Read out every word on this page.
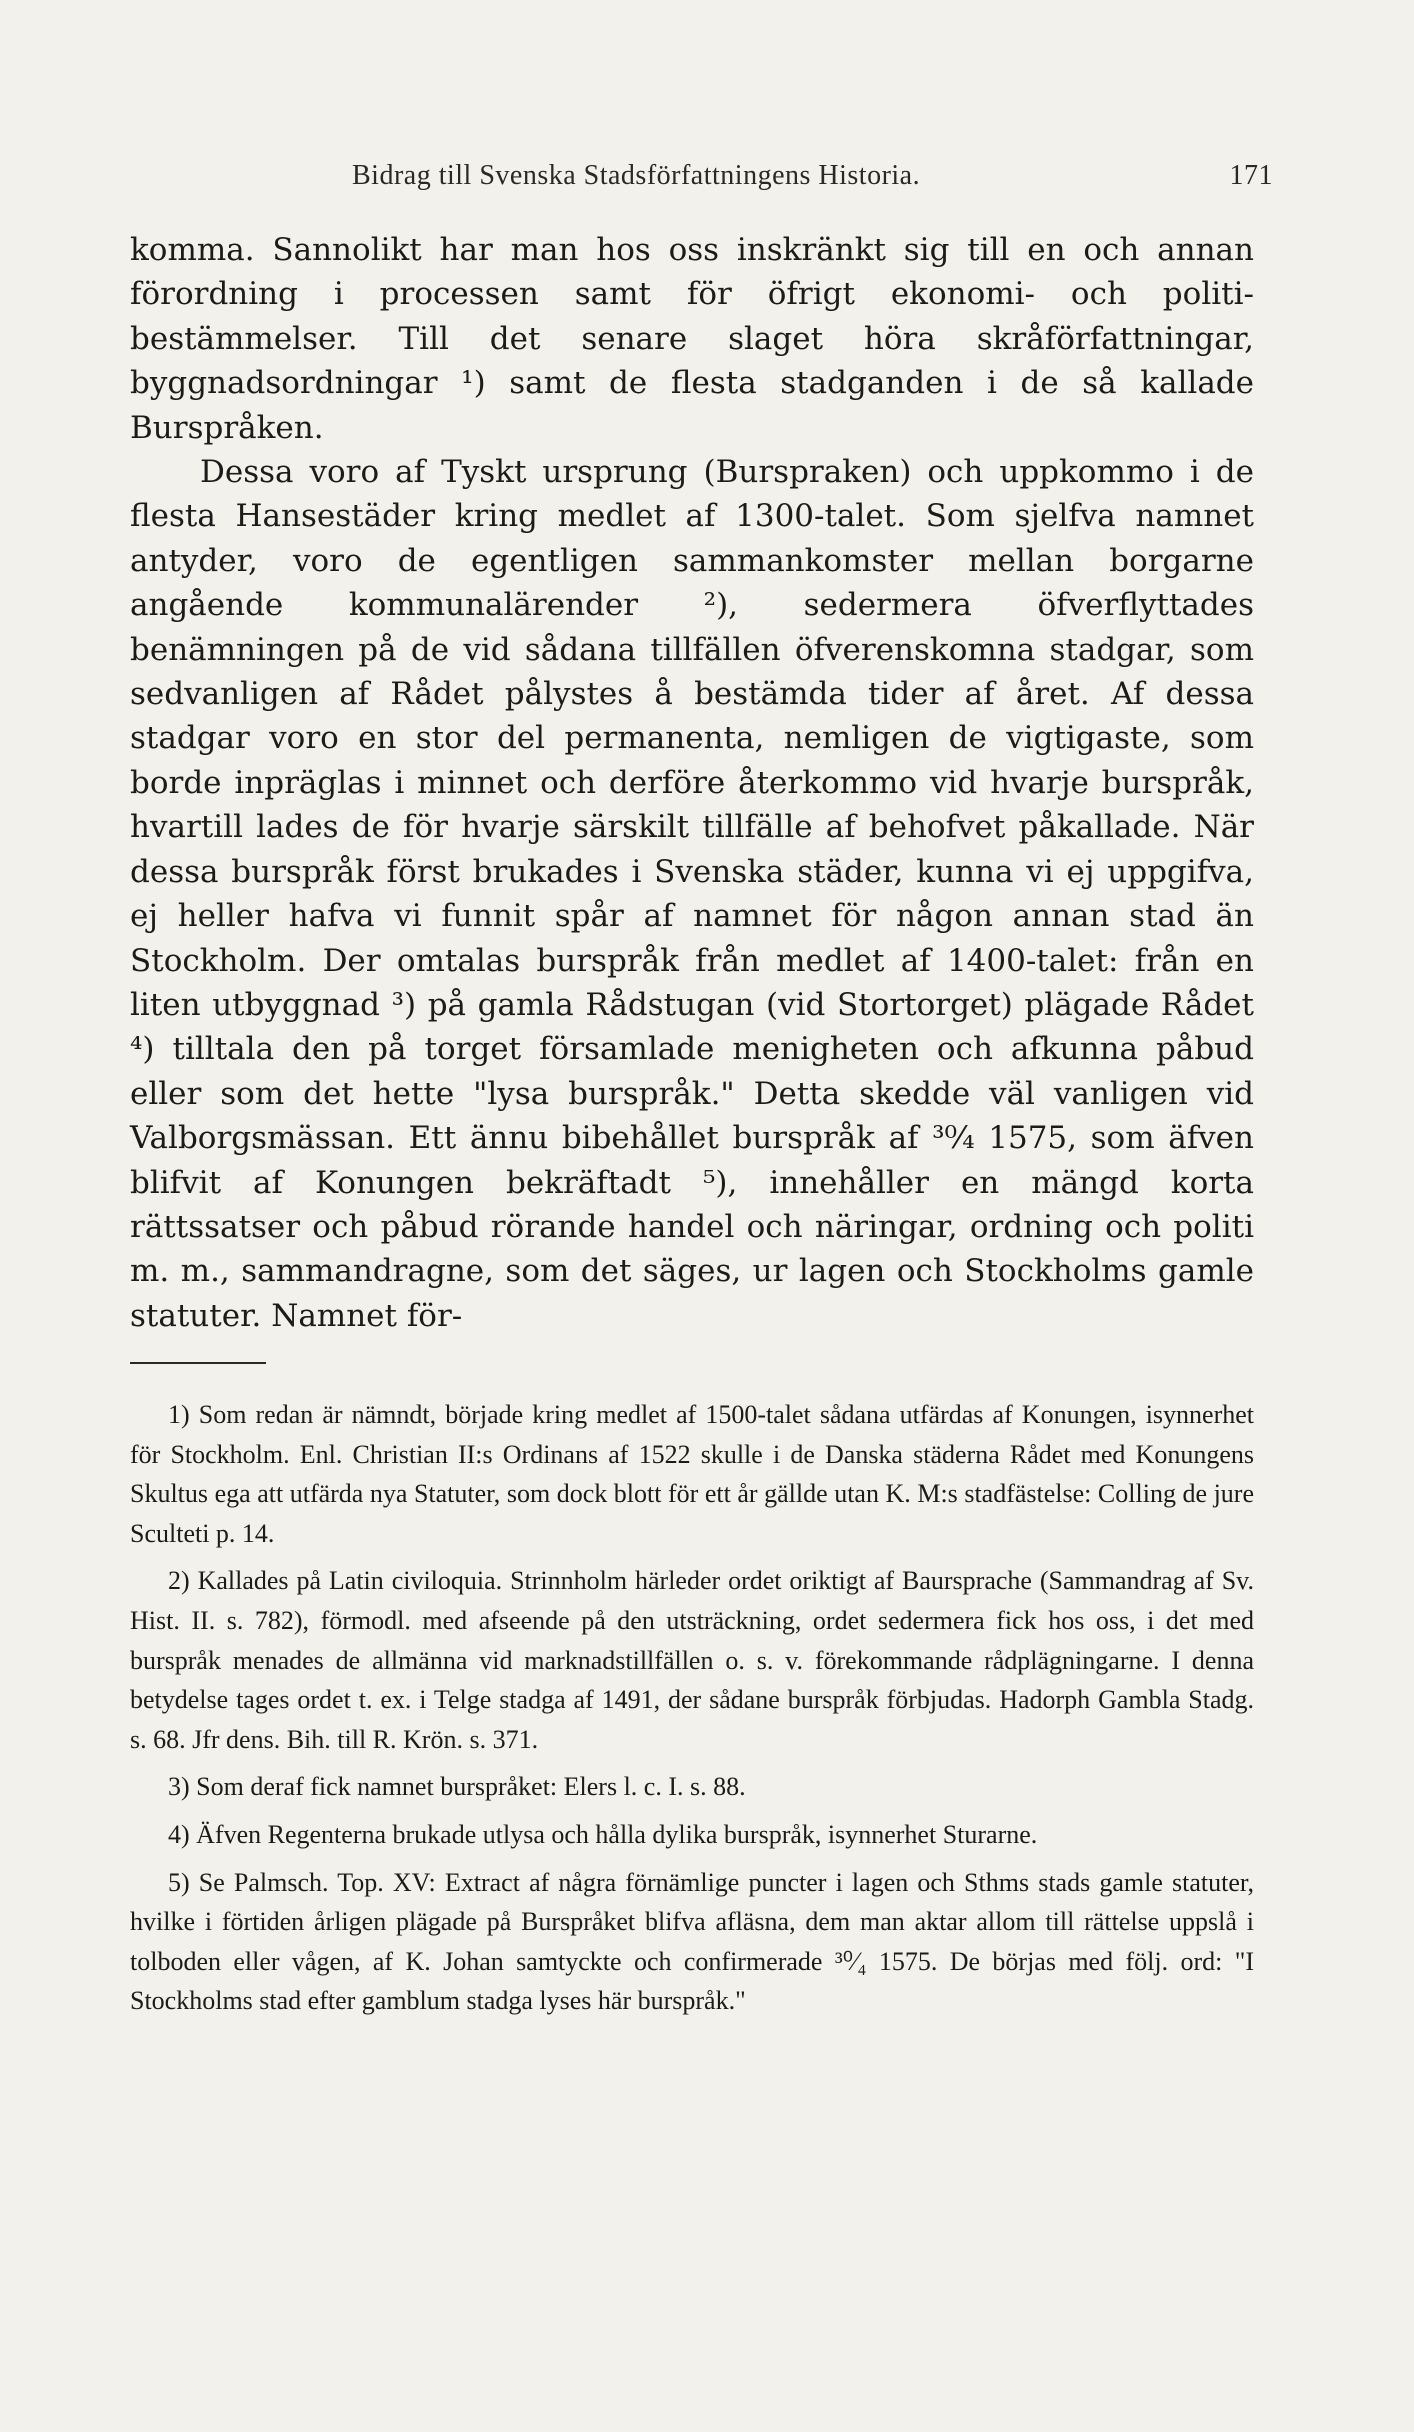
Bidrag till Svenska Stadsförfattningens Historia.	171

komma. Sannolikt har man hos oss inskränkt sig till en och annan förordning i processen samt för öfrigt ekonomi- och politi-bestämmelser. Till det senare slaget höra skråförfattningar, byggnadsordningar ¹) samt de flesta stadganden i de så kallade Burspråken.

Dessa voro af Tyskt ursprung (Burspraken) och uppkommo i de flesta Hansestäder kring medlet af 1300-talet. Som sjelfva namnet antyder, voro de egentligen sammankomster mellan borgarne angående kommunalärender ²), sedermera öfverflyttades benämningen på de vid sådana tillfällen öfverenskomna stadgar, som sedvanligen af Rådet pålystes å bestämda tider af året. Af dessa stadgar voro en stor del permanenta, nemligen de vigtigaste, som borde inpräglas i minnet och derföre återkommo vid hvarje burspråk, hvartill lades de för hvarje särskilt tillfälle af behofvet påkallade. När dessa burspråk först brukades i Svenska städer, kunna vi ej uppgifva, ej heller hafva vi funnit spår af namnet för någon annan stad än Stockholm. Der omtalas burspråk från medlet af 1400-talet: från en liten utbyggnad ³) på gamla Rådstugan (vid Stortorget) plägade Rådet ⁴) tilltala den på torget församlade menigheten och afkunna påbud eller som det hette "lysa burspråk." Detta skedde väl vanligen vid Valborgsmässan. Ett ännu bibehållet burspråk af ³⁰⁄₄ 1575, som äfven blifvit af Konungen bekräftadt ⁵), innehåller en mängd korta rättssatser och påbud rörande handel och näringar, ordning och politi m. m., sammandragne, som det säges, ur lagen och Stockholms gamle statuter. Namnet för-

1) Som redan är nämndt, började kring medlet af 1500-talet sådana utfärdas af Konungen, isynnerhet för Stockholm. Enl. Christian II:s Ordinans af 1522 skulle i de Danska städerna Rådet med Konungens Skultus ega att utfärda nya Statuter, som dock blott för ett år gällde utan K. M:s stadfästelse: Colling de jure Sculteti p. 14.

2) Kallades på Latin civiloquia. Strinnholm härleder ordet oriktigt af Baursprache (Sammandrag af Sv. Hist. II. s. 782), förmodl. med afseende på den utsträckning, ordet sedermera fick hos oss, i det med burspråk menades de allmänna vid marknadstillfällen o. s. v. förekommande rådplägningarne. I denna betydelse tages ordet t. ex. i Telge stadga af 1491, der sådane burspråk förbjudas. Hadorph Gambla Stadg. s. 68. Jfr dens. Bih. till R. Krön. s. 371.

3) Som deraf fick namnet burspråket: Elers l. c. I. s. 88.

4) Äfven Regenterna brukade utlysa och hålla dylika burspråk, isynnerhet Sturarne.

5) Se Palmsch. Top. XV: Extract af några förnämlige puncter i lagen och Sthms stads gamle statuter, hvilke i förtiden årligen plägade på Burspråket blifva afläsna, dem man aktar allom till rättelse uppslå i tolboden eller vågen, af K. Johan samtyckte och confirmerade ³⁰⁄₄ 1575. De börjas med följ. ord: "I Stockholms stad efter gamblum stadga lyses här burspråk."
